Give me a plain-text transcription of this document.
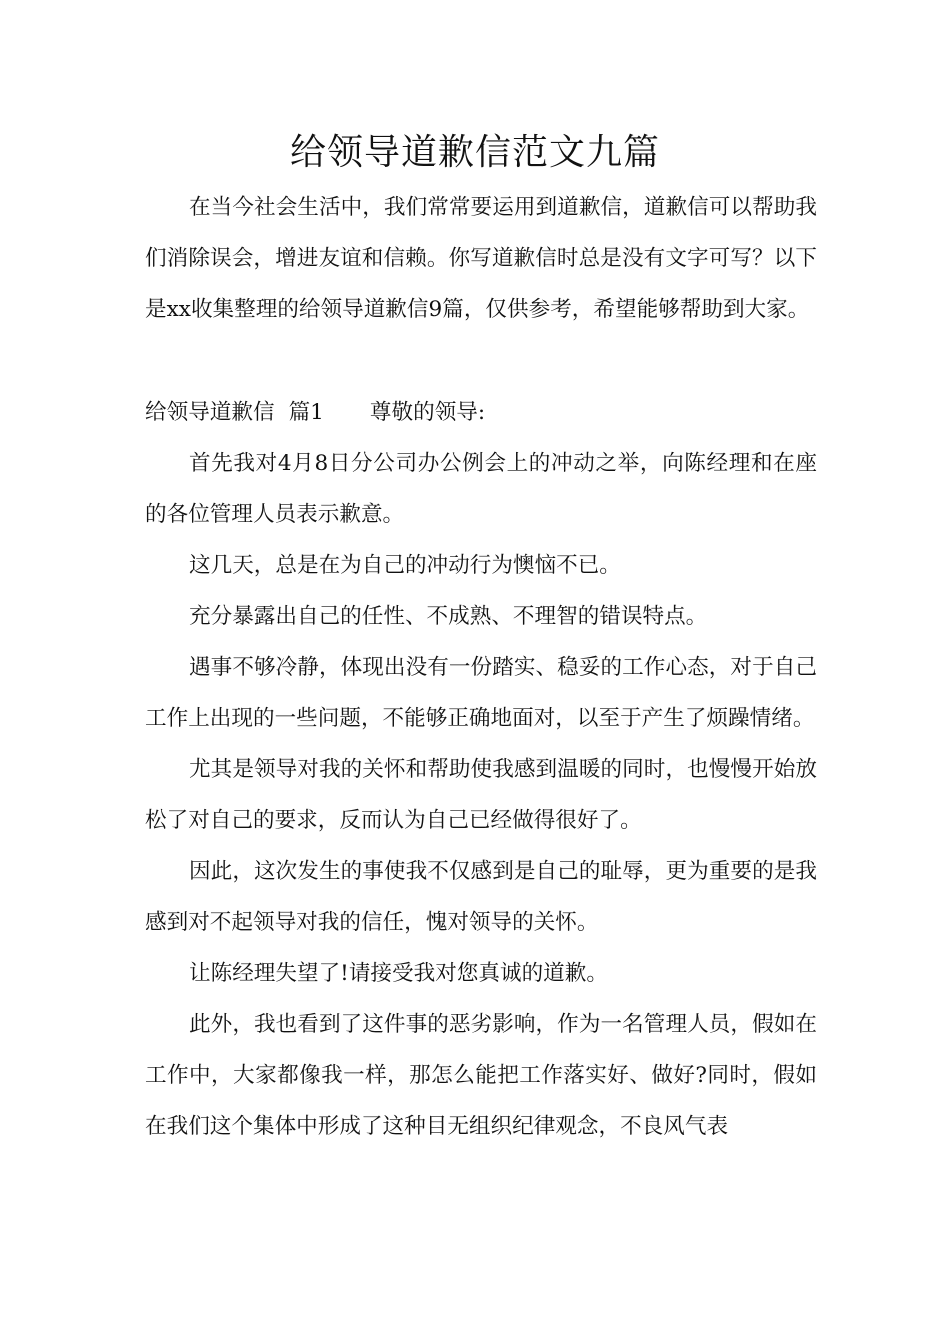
给领导道歉信范文九篇

在当今社会生活中，我们常常要运用到道歉信，道歉信可以帮助我们消除误会，增进友谊和信赖。你写道歉信时总是没有文字可写？以下是xx收集整理的给领导道歉信9篇，仅供参考，希望能够帮助到大家。

给领导道歉信 篇1 尊敬的领导:

首先我对4月8日分公司办公例会上的冲动之举，向陈经理和在座的各位管理人员表示歉意。

这几天，总是在为自己的冲动行为懊恼不已。

充分暴露出自己的任性、不成熟、不理智的错误特点。

遇事不够冷静，体现出没有一份踏实、稳妥的工作心态，对于自己工作上出现的一些问题，不能够正确地面对，以至于产生了烦躁情绪。

尤其是领导对我的关怀和帮助使我感到温暖的同时，也慢慢开始放松了对自己的要求，反而认为自己已经做得很好了。

因此，这次发生的事使我不仅感到是自己的耻辱，更为重要的是我感到对不起领导对我的信任，愧对领导的关怀。

让陈经理失望了!请接受我对您真诚的道歉。

此外，我也看到了这件事的恶劣影响，作为一名管理人员，假如在工作中，大家都像我一样，那怎么能把工作落实好、做好?同时，假如在我们这个集体中形成了这种目无组织纪律观念，不良风气表
